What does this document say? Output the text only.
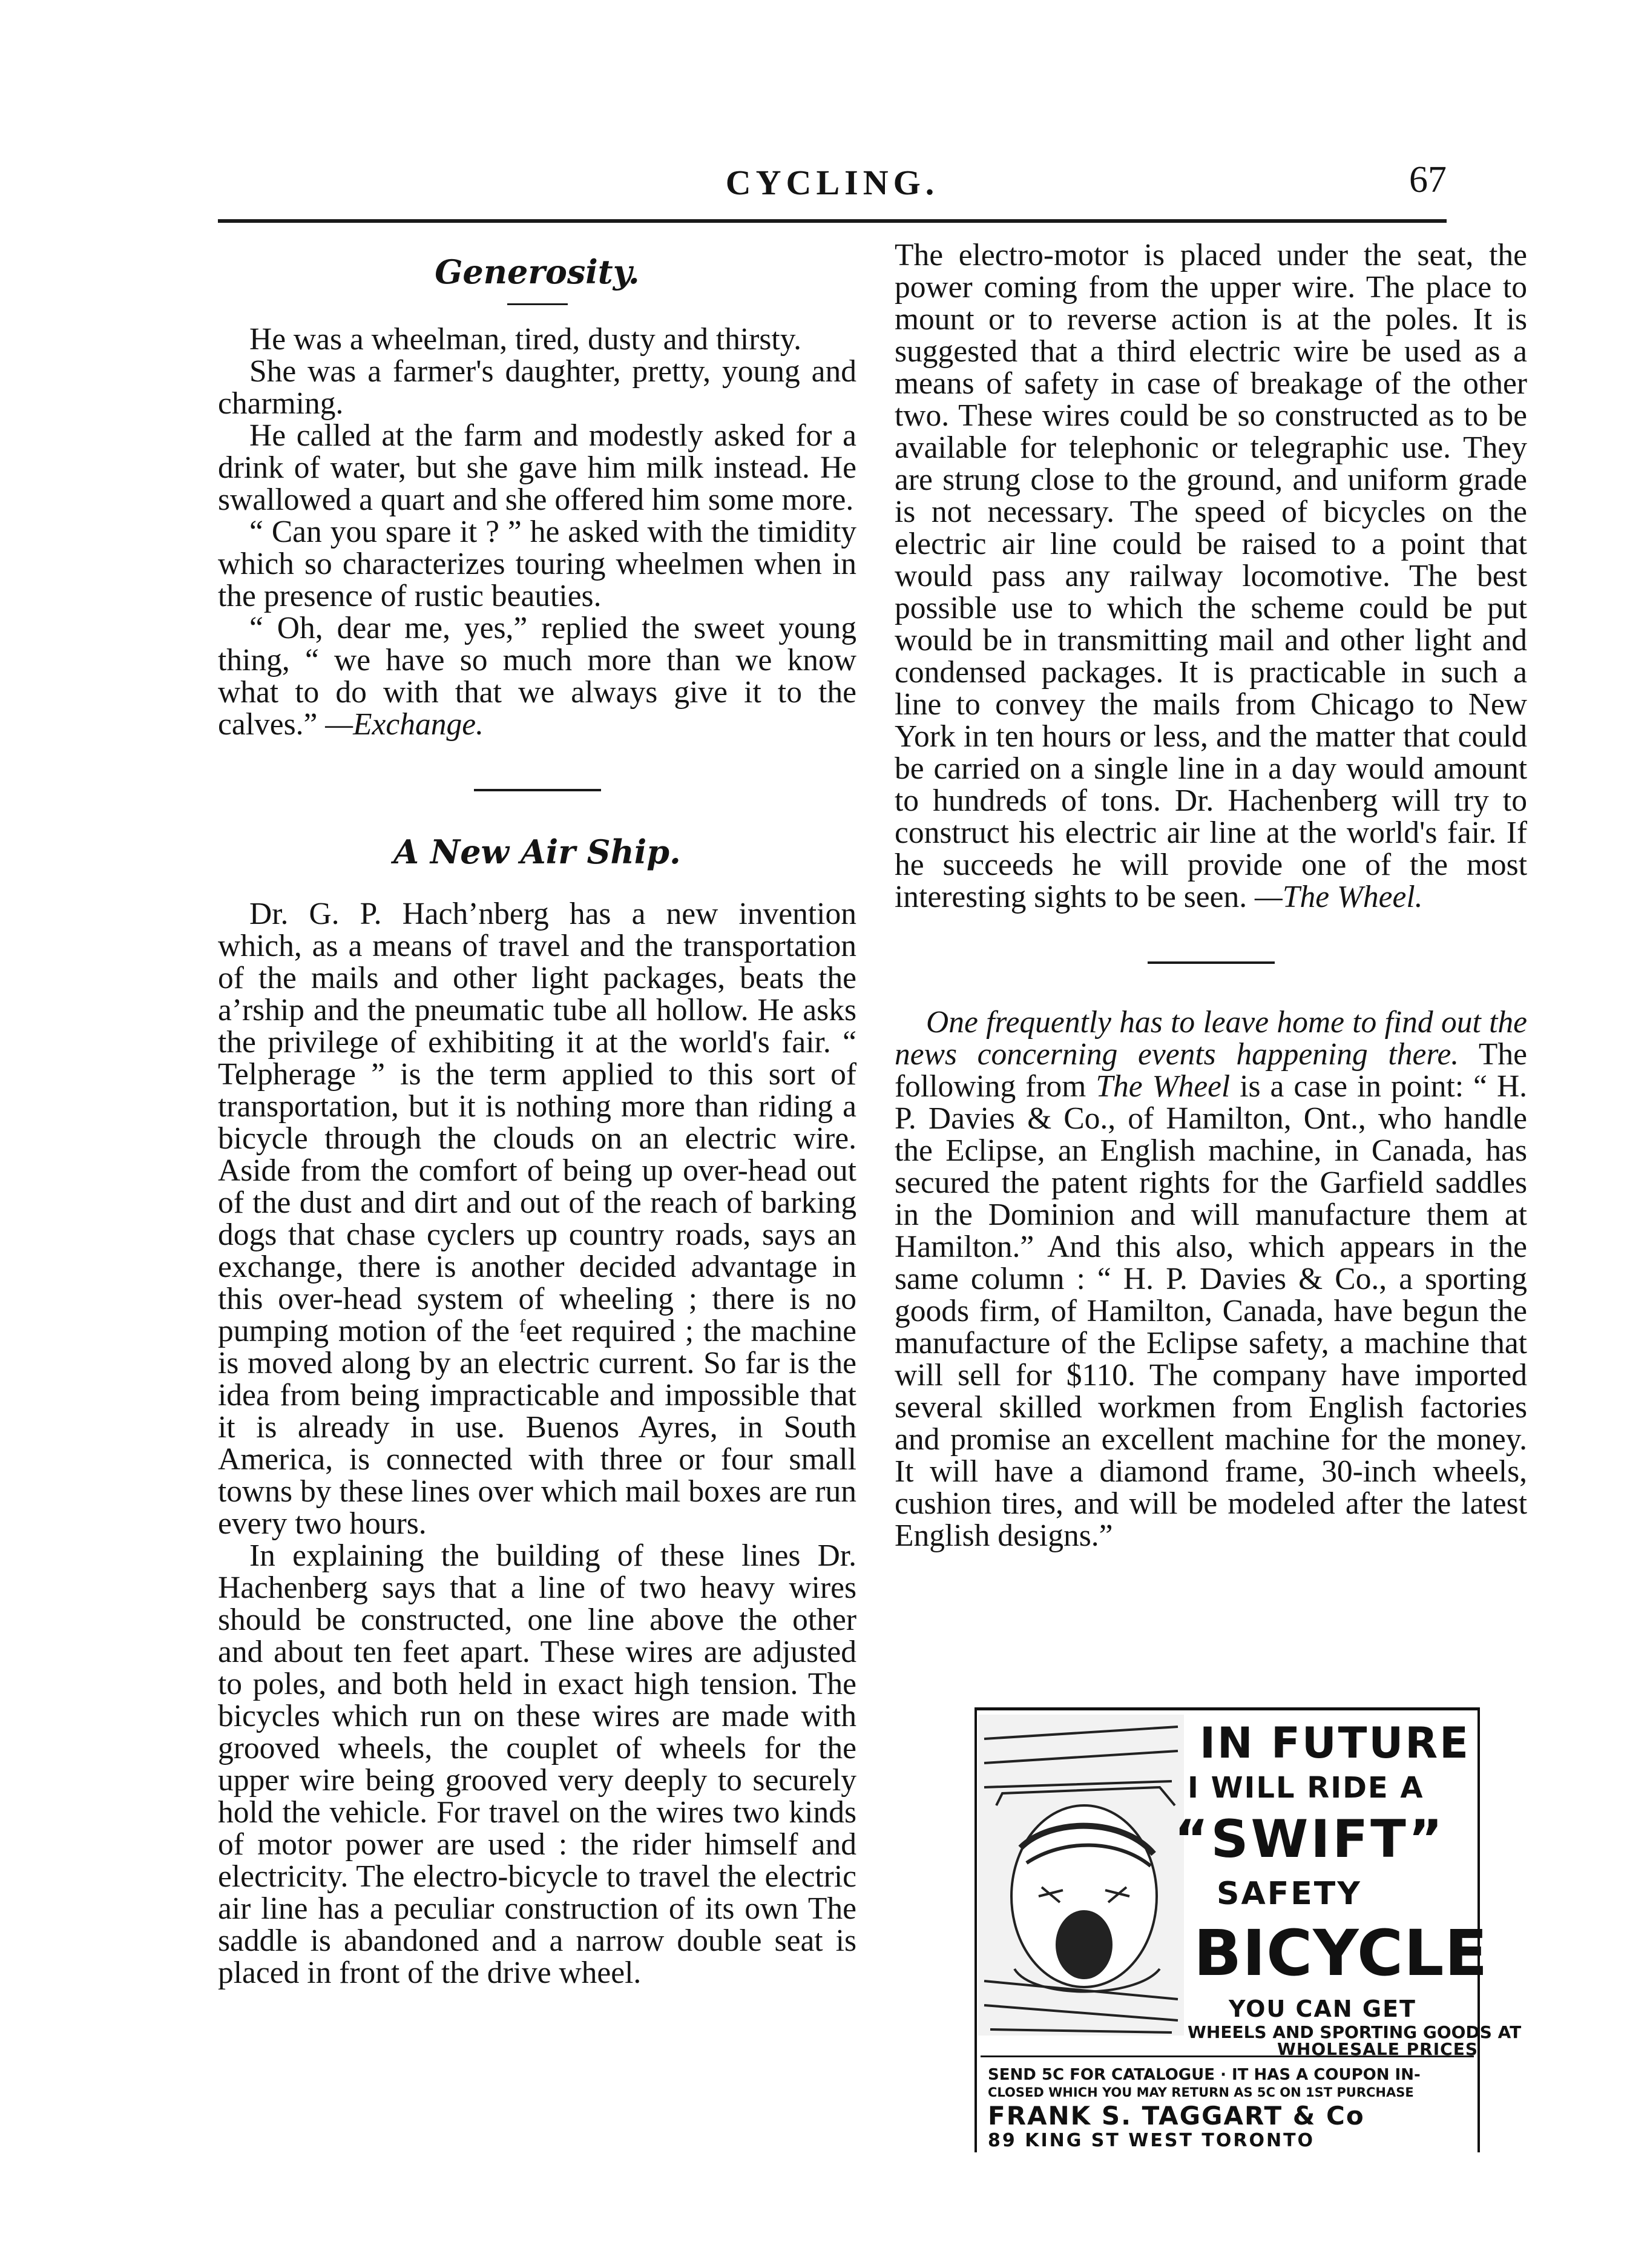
CYCLING.	67
Generosity.

He was a wheelman, tired, dusty and thirsty.

She was a farmer's daughter, pretty, young and charming.

He called at the farm and modestly asked for a drink of water, but she gave him milk instead. He swallowed a quart and she offered him some more.

“ Can you spare it ? ” he asked with the timidity which so characterizes touring wheelmen when in the presence of rustic beauties.

“ Oh, dear me, yes,” replied the sweet young thing, “ we have so much more than we know what to do with that we always give it to the calves.” —Exchange.

A New Air Ship.

Dr. G. P. Hachʼnberg has a new invention which, as a means of travel and the transportation of the mails and other light packages, beats the aʼrship and the pneumatic tube all hollow. He asks the privilege of exhibiting it at the world's fair. “ Telpherage ” is the term applied to this sort of transportation, but it is nothing more than riding a bicycle through the clouds on an electric wire. Aside from the comfort of being up over-head out of the dust and dirt and out of the reach of barking dogs that chase cyclers up country roads, says an exchange, there is another decided advantage in this over-head system of wheeling ; there is no pumping motion of the ᶠeet required ; the machine is moved along by an electric current. So far is the idea from being impracticable and impossible that it is already in use. Buenos Ayres, in South America, is connected with three or four small towns by these lines over which mail boxes are run every two hours.

In explaining the building of these lines Dr. Hachenberg says that a line of two heavy wires should be constructed, one line above the other and about ten feet apart. These wires are adjusted to poles, and both held in exact high tension. The bicycles which run on these wires are made with grooved wheels, the couplet of wheels for the upper wire being grooved very deeply to securely hold the vehicle. For travel on the wires two kinds of motor power are used : the rider himself and electricity. The electro-bicycle to travel the electric air line has a peculiar construction of its own The saddle is abandoned and a narrow double seat is placed in front of the drive wheel.

The electro-motor is placed under the seat, the power coming from the upper wire. The place to mount or to reverse action is at the poles. It is suggested that a third electric wire be used as a means of safety in case of breakage of the other two. These wires could be so constructed as to be available for telephonic or telegraphic use. They are strung close to the ground, and uniform grade is not necessary. The speed of bicycles on the electric air line could be raised to a point that would pass any railway locomotive. The best possible use to which the scheme could be put would be in transmitting mail and other light and condensed packages. It is practicable in such a line to convey the mails from Chicago to New York in ten hours or less, and the matter that could be carried on a single line in a day would amount to hundreds of tons. Dr. Hachenberg will try to construct his electric air line at the world's fair. If he succeeds he will provide one of the most interesting sights to be seen. —The Wheel.

One frequently has to leave home to find out the news concerning events happening there. The following from The Wheel is a case in point: “ H. P. Davies & Co., of Hamilton, Ont., who handle the Eclipse, an English machine, in Canada, has secured the patent rights for the Garfield saddles in the Dominion and will manufacture them at Hamilton.” And this also, which appears in the same column : “ H. P. Davies & Co., a sporting goods firm, of Hamilton, Canada, have begun the manufacture of the Eclipse safety, a machine that will sell for $110. The company have imported several skilled workmen from English factories and promise an excellent machine for the money. It will have a diamond frame, 30-inch wheels, cushion tires, and will be modeled after the latest English designs.”

IN FUTURE
I WILL RIDE A
“SWIFT”
SAFETY
BICYCLE
YOU CAN GET
WHEELS AND SPORTING GOODS AT
WHOLESALE PRICES
SEND 5C FOR CATALOGUE · IT HAS A COUPON IN-
CLOSED WHICH YOU MAY RETURN AS 5C ON 1ST PURCHASE
FRANK S. TAGGART & Co
89 KING ST WEST TORONTO
